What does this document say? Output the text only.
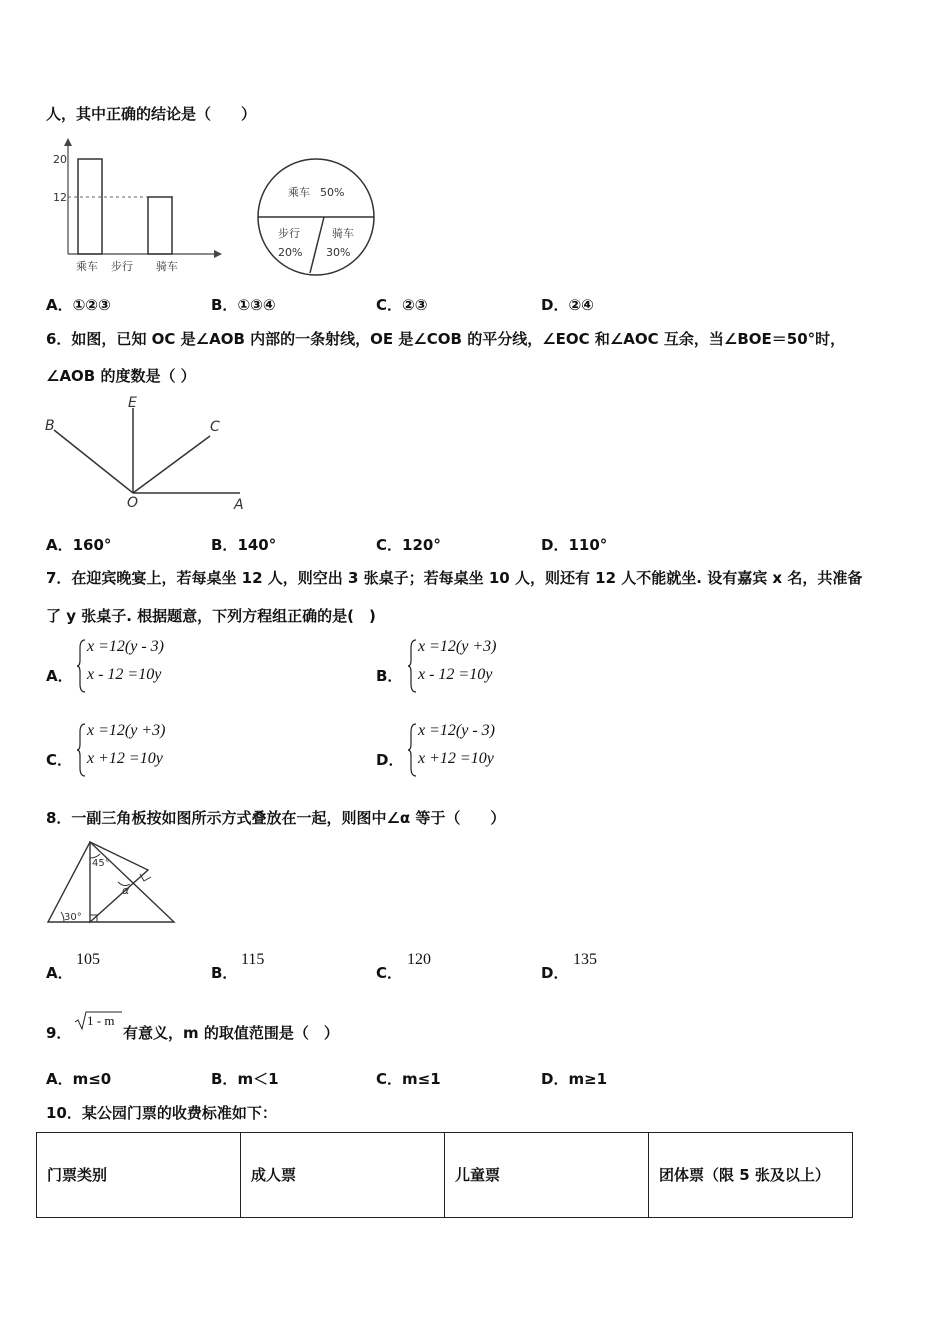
人，其中正确的结论是（　　）
20
12
乘车 步行 骑车
乘车 50%
步行
20%
骑车
30%
A．①②③	B．①③④	C．②③	D．②④
6．如图，已知 OC 是∠AOB 内部的一条射线，OE 是∠COB 的平分线，∠EOC 和∠AOC 互余，当∠BOE＝50°时，
∠AOB 的度数是（ ）
B
E
C
O	A
A．160°	B．140°	C．120°	D．110°
7．在迎宾晚宴上，若每桌坐 12 人，则空出 3 张桌子；若每桌坐 10 人，则还有 12 人不能就坐. 设有嘉宾 x 名，共准备
了 y 张桌子. 根据题意，下列方程组正确的是(　)
A．
x =12(y - 3)
x - 12 =10y	B．
x =12(y +3)
x - 12 =10y
C．
x =12(y +3)
x +12 =10y	D．
x =12(y - 3)
x +12 =10y
8．一副三角板按如图所示方式叠放在一起，则图中∠α 等于（　　）
45°
α
30°
A．
105
B．
115
C．
120
D．
135
9．
1 - m
有意义，m 的取值范围是（　）
A．m≤0	B．m＜1	C．m≤1	D．m≥1
10．某公园门票的收费标准如下：
门票类别	成人票	儿童票	团体票（限 5 张及以上）
